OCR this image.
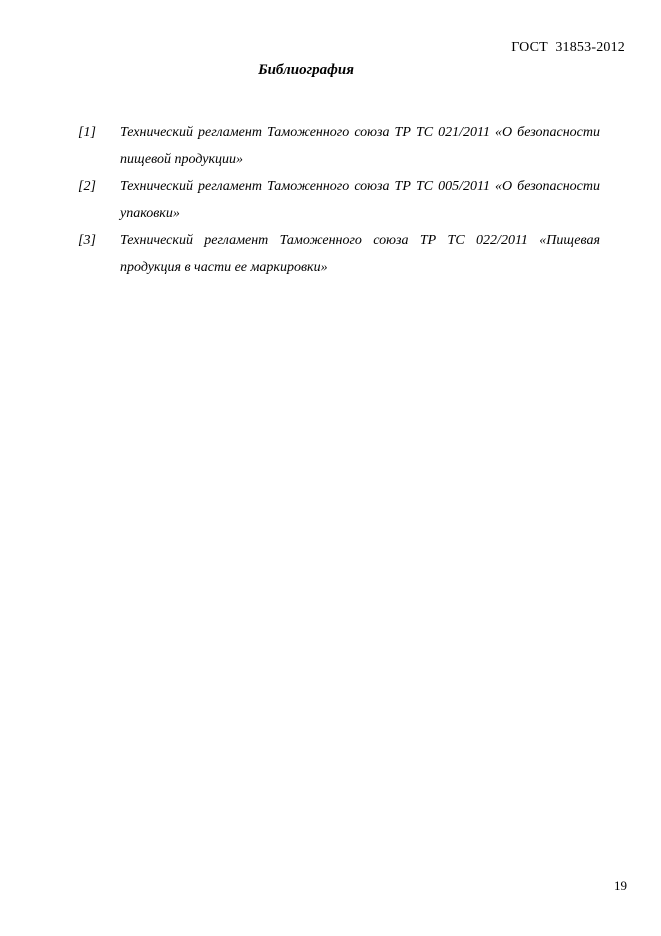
ГОСТ  31853-2012
Библиография
[1] Технический регламент Таможенного союза ТР ТС 021/2011 «О безопасности пищевой продукции»
[2] Технический регламент Таможенного союза ТР ТС 005/2011 «О безопасности упаковки»
[3] Технический регламент Таможенного союза ТР ТС 022/2011 «Пищевая продукция в части ее маркировки»
19
